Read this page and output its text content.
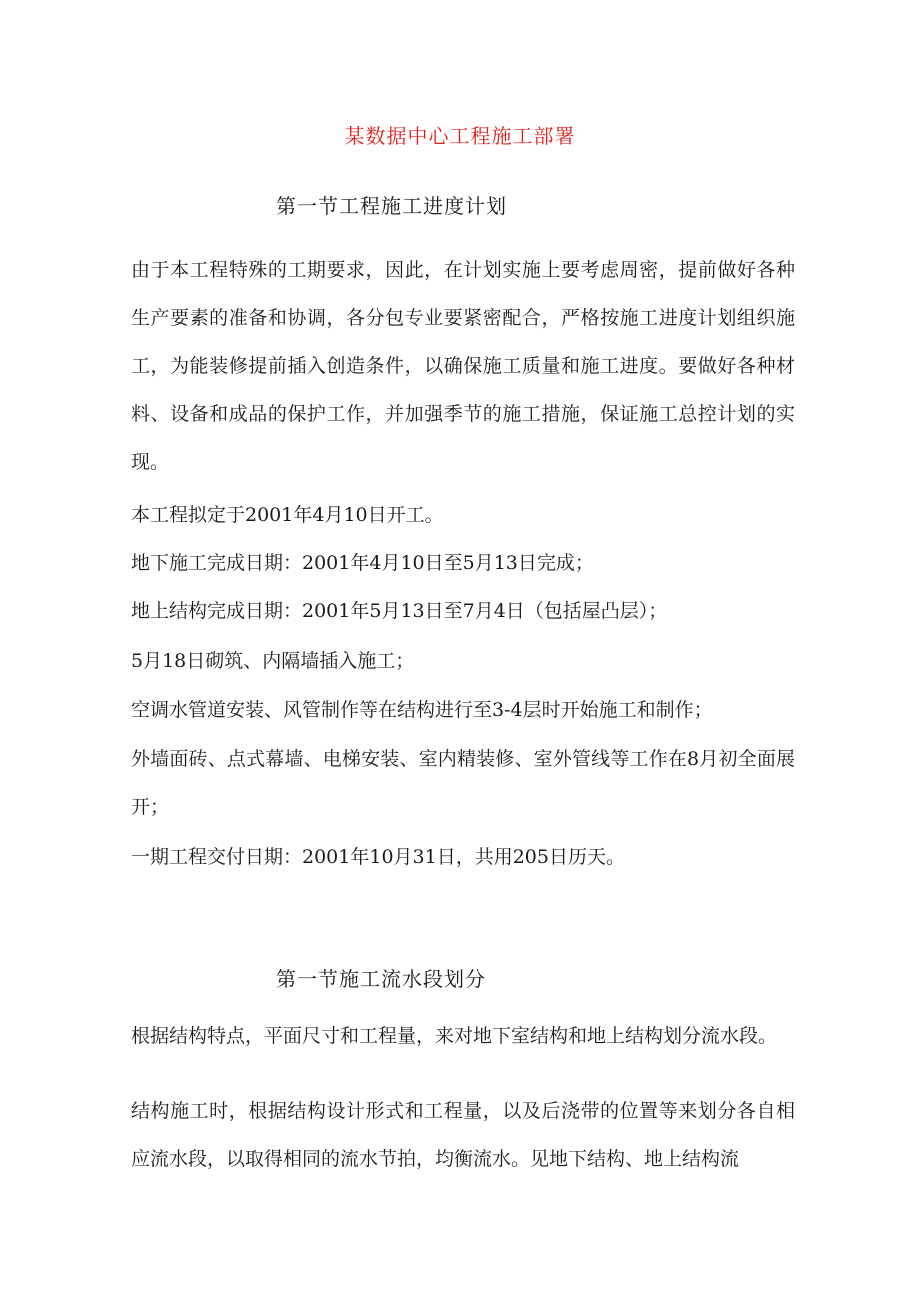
某数据中心工程施工部署
第一节工程施工进度计划

由于本工程特殊的工期要求，因此，在计划实施上要考虑周密，提前做好各种生产要素的准备和协调，各分包专业要紧密配合，严格按施工进度计划组织施工，为能装修提前插入创造条件，以确保施工质量和施工进度。要做好各种材料、设备和成品的保护工作，并加强季节的施工措施，保证施工总控计划的实现。

本工程拟定于2001年4月10日开工。

地下施工完成日期：2001年4月10日至5月13日完成；

地上结构完成日期：2001年5月13日至7月4日（包括屋凸层）；

5月18日砌筑、内隔墙插入施工；

空调水管道安装、风管制作等在结构进行至3-4层时开始施工和制作；

外墙面砖、点式幕墙、电梯安装、室内精装修、室外管线等工作在8月初全面展开；

一期工程交付日期：2001年10月31日，共用205日历天。

第一节施工流水段划分

根据结构特点，平面尺寸和工程量，来对地下室结构和地上结构划分流水段。

结构施工时，根据结构设计形式和工程量，以及后浇带的位置等来划分各自相应流水段，以取得相同的流水节拍，均衡流水。见地下结构、地上结构流
